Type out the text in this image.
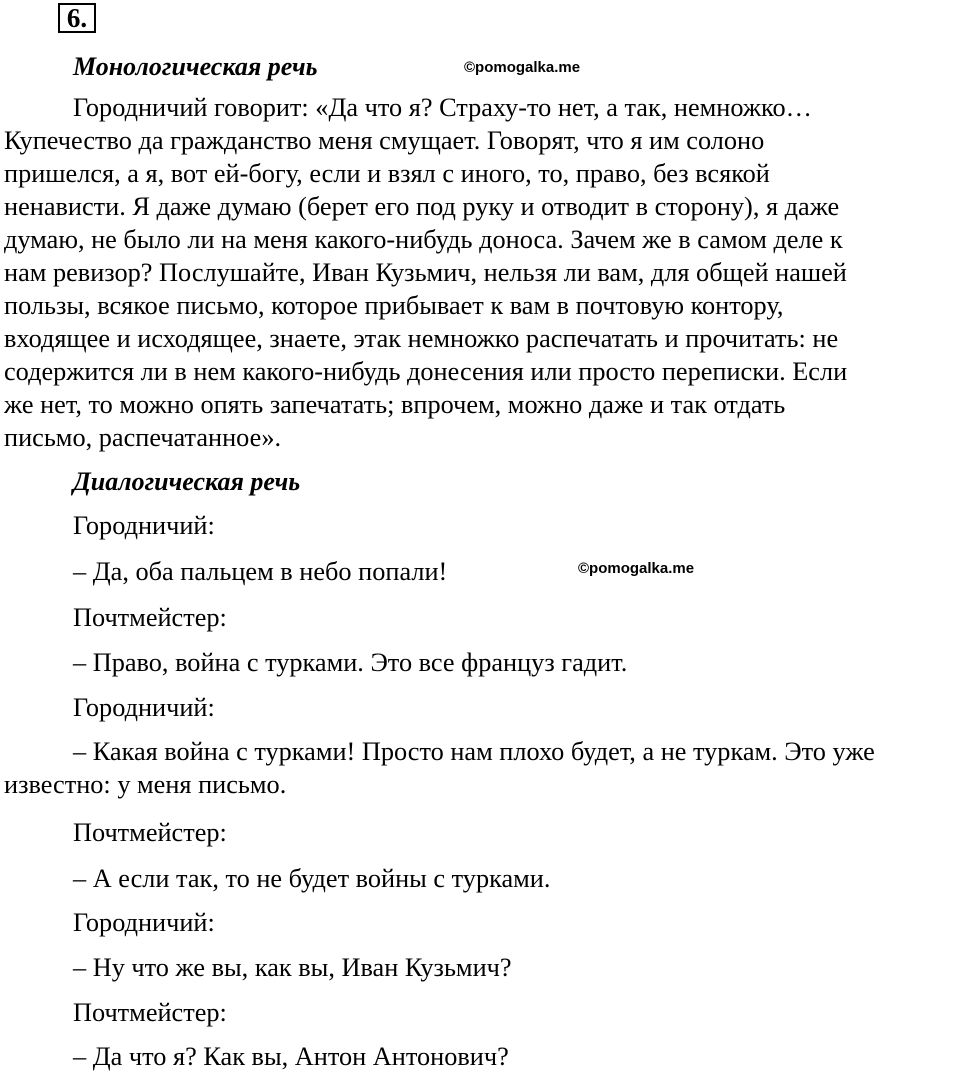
6.
Монологическая речь	©pomogalka.me
Городничий говорит: «Да что я? Страху-то нет, а так, немножко…
Купечество да гражданство меня смущает. Говорят, что я им солоно
пришелся, а я, вот ей-богу, если и взял с иного, то, право, без всякой
ненависти. Я даже думаю (берет его под руку и отводит в сторону), я даже
думаю, не было ли на меня какого-нибудь доноса. Зачем же в самом деле к
нам ревизор? Послушайте, Иван Кузьмич, нельзя ли вам, для общей нашей
пользы, всякое письмо, которое прибывает к вам в почтовую контору,
входящее и исходящее, знаете, этак немножко распечатать и прочитать: не
содержится ли в нем какого-нибудь донесения или просто переписки. Если
же нет, то можно опять запечатать; впрочем, можно даже и так отдать
письмо, распечатанное».
Диалогическая речь
Городничий:
– Да, оба пальцем в небо попали!	©pomogalka.me
Почтмейстер:
– Право, война с турками. Это все француз гадит.
Городничий:
– Какая война с турками! Просто нам плохо будет, а не туркам. Это уже
известно: у меня письмо.
Почтмейстер:
– А если так, то не будет войны с турками.
Городничий:
– Ну что же вы, как вы, Иван Кузьмич?
Почтмейстер:
– Да что я? Как вы, Антон Антонович?
